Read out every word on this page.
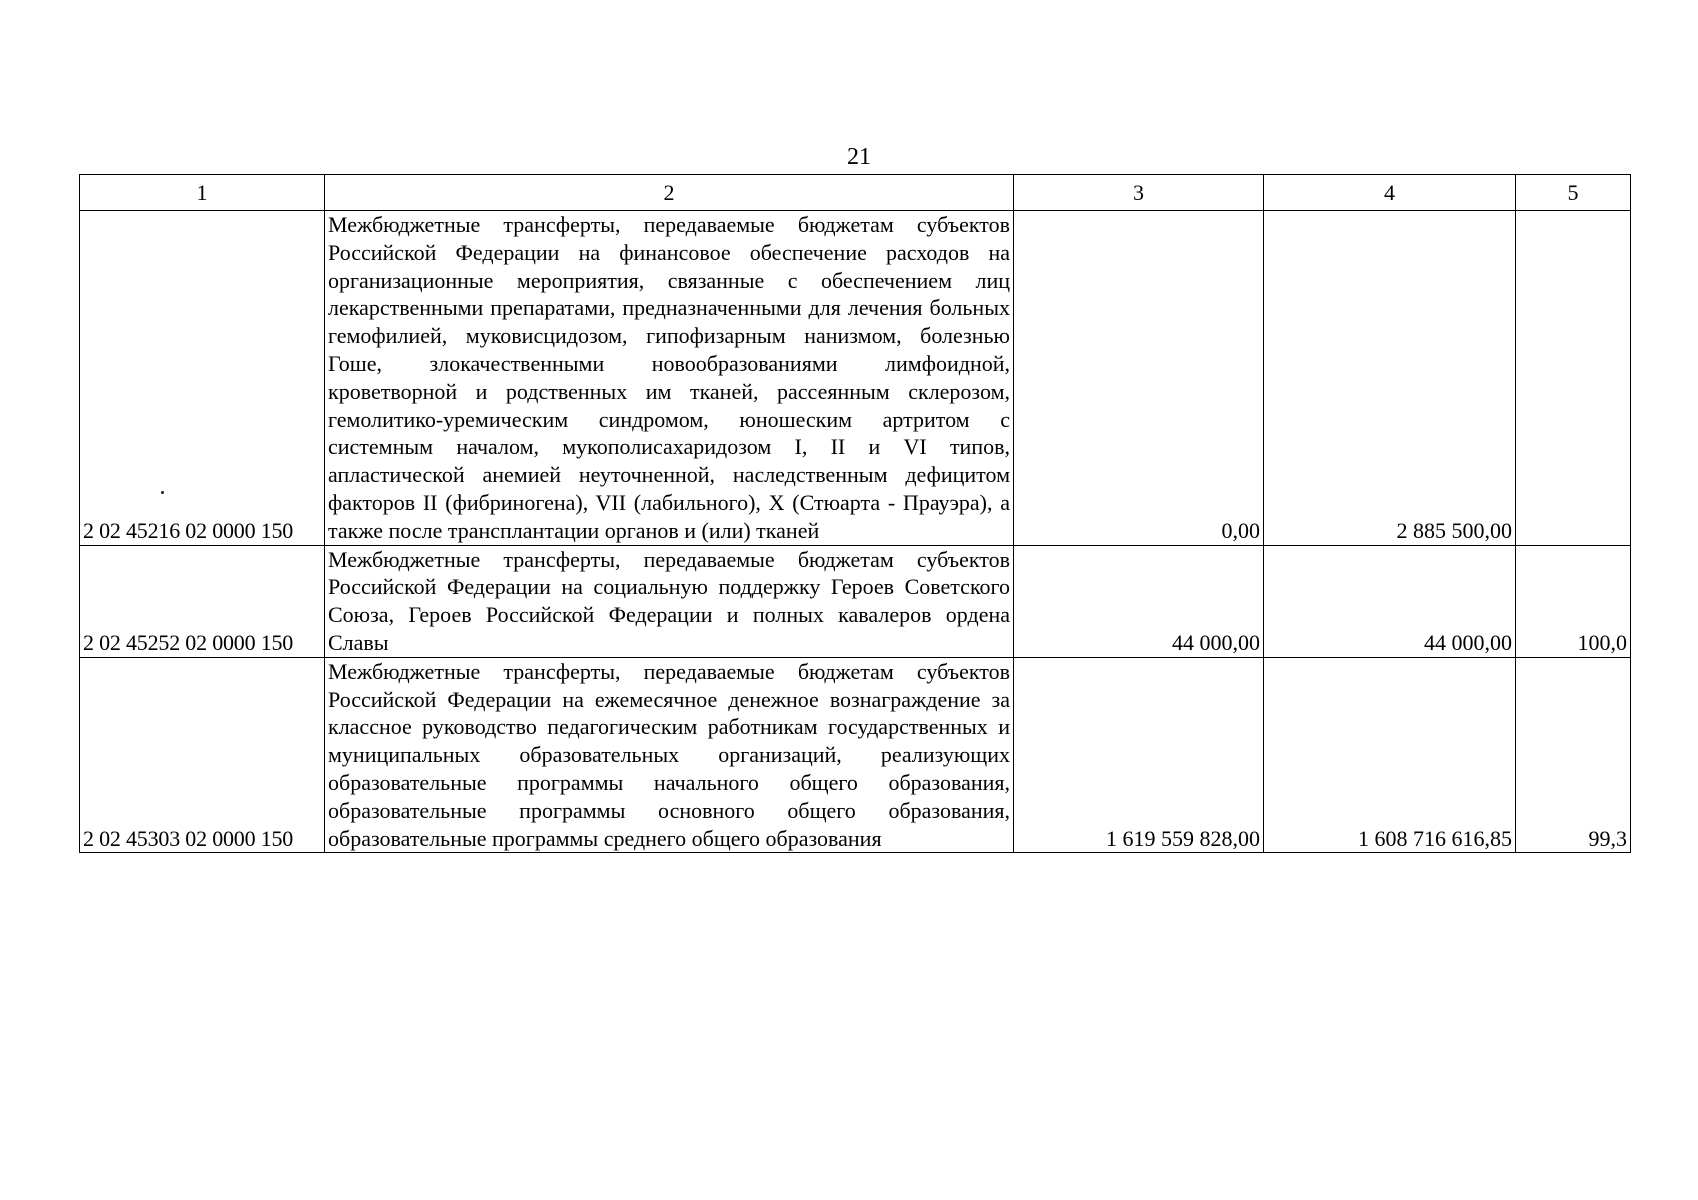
21
1	2	3	4	5
2 02 45216 02 0000 150	Межбюджетные трансферты, передаваемые бюджетам субъектов Российской Федерации на финансовое обеспечение расходов на организационные мероприятия, связанные с обеспечением лиц лекарственными препаратами, предназначенными для лечения больных гемофилией, муковисцидозом, гипофизарным нанизмом, болезнью Гоше, злокачественными новообразованиями лимфоидной, кроветворной и родственных им тканей, рассеянным склерозом, гемолитико-уремическим синдромом, юношеским артритом с системным началом, мукополисахаридозом I, II и VI типов, апластической анемией неуточненной, наследственным дефицитом факторов II (фибриногена), VII (лабильного), X (Стюарта - Прауэра), а также после трансплантации органов и (или) тканей	0,00	2 885 500,00	
2 02 45252 02 0000 150	Межбюджетные трансферты, передаваемые бюджетам субъектов Российской Федерации на социальную поддержку Героев Советского Союза, Героев Российской Федерации и полных кавалеров ордена Славы	44 000,00	44 000,00	100,0
2 02 45303 02 0000 150	Межбюджетные трансферты, передаваемые бюджетам субъектов Российской Федерации на ежемесячное денежное вознаграждение за классное руководство педагогическим работникам государственных и муниципальных образовательных организаций, реализующих образовательные программы начального общего образования, образовательные программы основного общего образования, образовательные программы среднего общего образования	1 619 559 828,00	1 608 716 616,85	99,3
